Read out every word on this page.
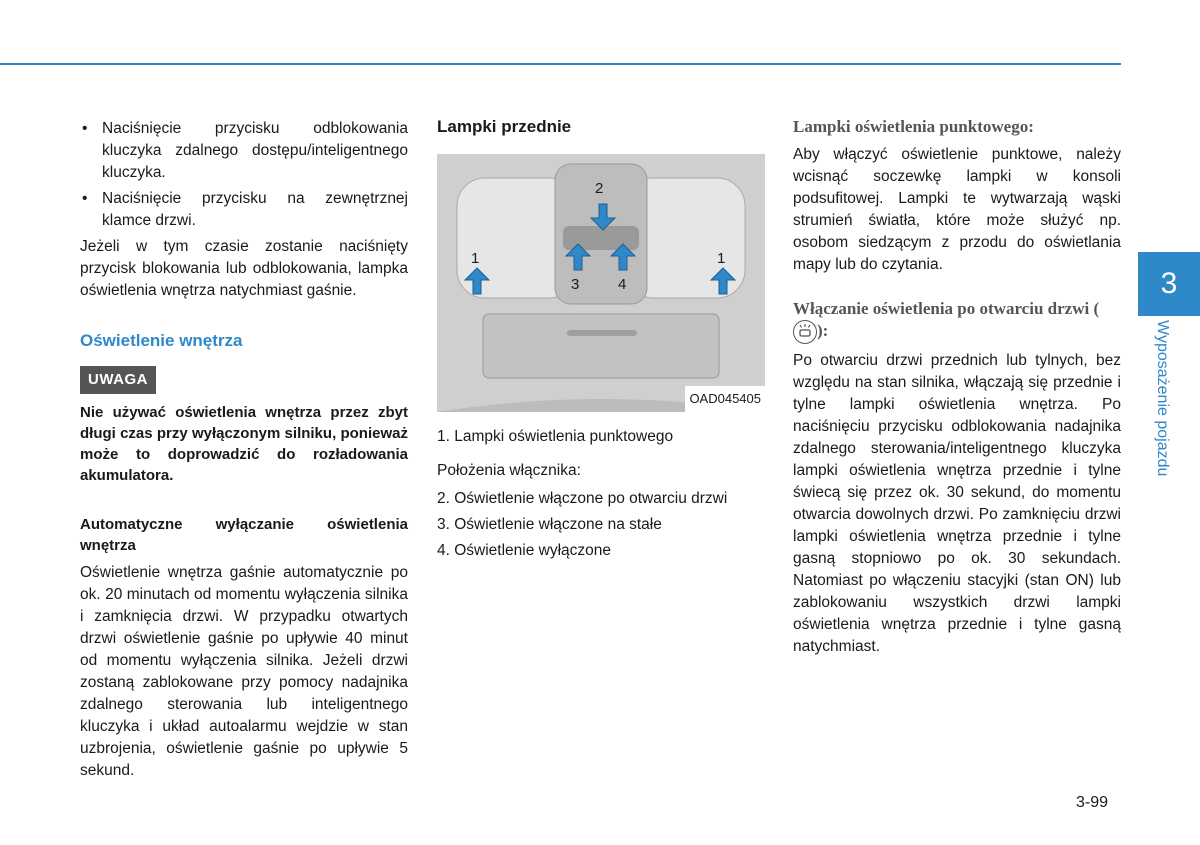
• Naciśnięcie przycisku odblokowania kluczyka zdalnego dostępu/inteligentnego kluczyka.
• Naciśnięcie przycisku na zewnętrznej klamce drzwi.

Jeżeli w tym czasie zostanie naciśnięty przycisk blokowania lub odblokowania, lampka oświetlenia wnętrza natychmiast gaśnie.

Oświetlenie wnętrza
UWAGA
Nie używać oświetlenia wnętrza przez zbyt długi czas przy wyłączonym silniku, ponieważ może to doprowadzić do rozładowania akumulatora.
Automatyczne wyłączanie oświetlenia wnętrza

Oświetlenie wnętrza gaśnie automatycznie po ok. 20 minutach od momentu wyłączenia silnika i zamknięcia drzwi. W przypadku otwartych drzwi oświetlenie gaśnie po upływie 40 minut od momentu wyłączenia silnika. Jeżeli drzwi zostaną zablokowane przy pomocy nadajnika zdalnego sterowania lub inteligentnego kluczyka i układ autoalarmu wejdzie w stan uzbrojenia, oświetlenie gaśnie po upływie 5 sekund.

Lampki przednie
2
3	4
1	1
OAD045405
1. Lampki oświetlenia punktowego

Położenia włącznika:

2. Oświetlenie włączone po otwarciu drzwi
3. Oświetlenie włączone na stałe
4. Oświetlenie wyłączone
Lampki oświetlenia punktowego:

Aby włączyć oświetlenie punktowe, należy wcisnąć soczewkę lampki w konsoli podsufitowej. Lampki te wytwarzają wąski strumień światła, które może służyć np. osobom siedzącym z przodu do oświetlania mapy lub do czytania.

Włączanie oświetlenia po otwarciu drzwi ():

Po otwarciu drzwi przednich lub tylnych, bez względu na stan silnika, włączają się przednie i tylne lampki oświetlenia wnętrza. Po naciśnięciu przycisku odblokowania nadajnika zdalnego sterowania/inteligentnego kluczyka lampki oświetlenia wnętrza przednie i tylne świecą się przez ok. 30 sekund, do momentu otwarcia dowolnych drzwi. Po zamknięciu drzwi lampki oświetlenia wnętrza przednie i tylne gasną stopniowo po ok. 30 sekundach. Natomiast po włączeniu stacyjki (stan ON) lub zablokowaniu wszystkich drzwi lampki oświetlenia wnętrza przednie i tylne gasną natychmiast.

3
Wyposażenie pojazdu
3-99
